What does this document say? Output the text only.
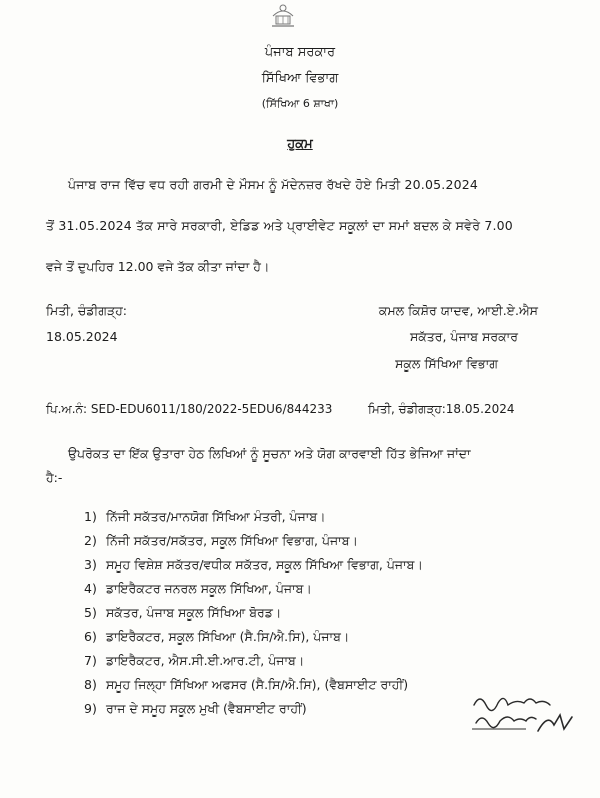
ਪੰਜਾਬ ਸਰਕਾਰ
ਸਿੱਖਿਆ ਵਿਭਾਗ
(ਸਿੱਖਿਆ 6 ਸ਼ਾਖਾ)
ਹੁਕਮ
ਪੰਜਾਬ ਰਾਜ ਵਿੱਚ ਵਧ ਰਹੀ ਗਰਮੀ ਦੇ ਮੌਸਮ ਨੂੰ ਮੱਦੇਨਜ਼ਰ ਰੱਖਦੇ ਹੋਏ ਮਿਤੀ 20.05.2024
ਤੋਂ 31.05.2024 ਤੱਕ ਸਾਰੇ ਸਰਕਾਰੀ, ਏਡਿਡ ਅਤੇ ਪ੍ਰਾਈਵੇਟ ਸਕੂਲਾਂ ਦਾ ਸਮਾਂ ਬਦਲ ਕੇ ਸਵੇਰੇ 7.00
ਵਜੇ ਤੋਂ ਦੁਪਹਿਰ 12.00 ਵਜੇ ਤੱਕ ਕੀਤਾ ਜਾਂਦਾ ਹੈ।
ਮਿਤੀ, ਚੰਡੀਗੜ੍ਹ:
18.05.2024
ਕਮਲ ਕਿਸ਼ੋਰ ਯਾਦਵ, ਆਈ.ਏ.ਐਸ
ਸਕੱਤਰ, ਪੰਜਾਬ ਸਰਕਾਰ
ਸਕੂਲ ਸਿੱਖਿਆ ਵਿਭਾਗ
ਪਿ.ਅ.ਨੰ: SED-EDU6011/180/2022-5EDU6/844233	ਮਿਤੀ, ਚੰਡੀਗੜ੍ਹ:18.05.2024
ਉਪਰੋਕਤ ਦਾ ਇੱਕ ਉਤਾਰਾ ਹੇਠ ਲਿਖਿਆਂ ਨੂੰ ਸੂਚਨਾ ਅਤੇ ਯੋਗ ਕਾਰਵਾਈ ਹਿੱਤ ਭੇਜਿਆ ਜਾਂਦਾ
ਹੈ:-
1) ਨਿੱਜੀ ਸਕੱਤਰ/ਮਾਨਯੋਗ ਸਿੱਖਿਆ ਮੰਤਰੀ, ਪੰਜਾਬ।
2) ਨਿੱਜੀ ਸਕੱਤਰ/ਸਕੱਤਰ, ਸਕੂਲ ਸਿੱਖਿਆ ਵਿਭਾਗ, ਪੰਜਾਬ।
3) ਸਮੂਹ ਵਿਸ਼ੇਸ਼ ਸਕੱਤਰ/ਵਧੀਕ ਸਕੱਤਰ, ਸਕੂਲ ਸਿੱਖਿਆ ਵਿਭਾਗ, ਪੰਜਾਬ।
4) ਡਾਇਰੈਕਟਰ ਜਨਰਲ ਸਕੂਲ ਸਿੱਖਿਆ, ਪੰਜਾਬ।
5) ਸਕੱਤਰ, ਪੰਜਾਬ ਸਕੂਲ ਸਿੱਖਿਆ ਬੋਰਡ।
6) ਡਾਇਰੈਕਟਰ, ਸਕੂਲ ਸਿੱਖਿਆ (ਸੈ.ਸਿ/ਐ.ਸਿ), ਪੰਜਾਬ।
7) ਡਾਇਰੈਕਟਰ, ਐਸ.ਸੀ.ਈ.ਆਰ.ਟੀ, ਪੰਜਾਬ।
8) ਸਮੂਹ ਜਿਲ੍ਹਾ ਸਿੱਖਿਆ ਅਫਸਰ (ਸੈ.ਸਿ/ਐ.ਸਿ), (ਵੈਬਸਾਈਟ ਰਾਹੀਂ)
9) ਰਾਜ ਦੇ ਸਮੂਹ ਸਕੂਲ ਮੁਖੀ (ਵੈਬਸਾਈਟ ਰਾਹੀਂ)
